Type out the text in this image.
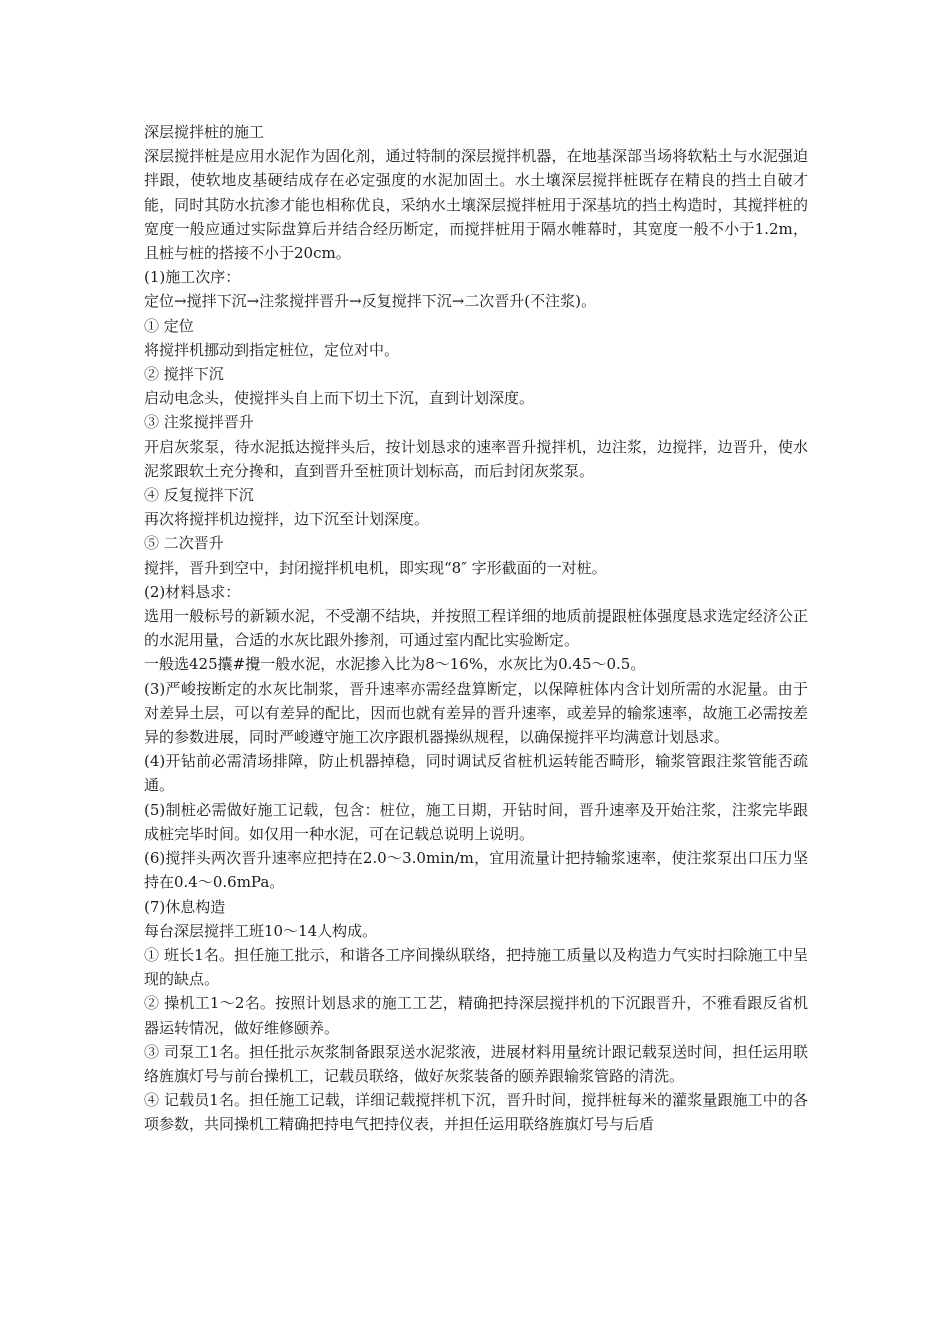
深层搅拌桩的施工

深层搅拌桩是应用水泥作为固化剂，通过特制的深层搅拌机器，在地基深部当场将软粘土与水泥强迫拌跟，使软地皮基硬结成存在必定强度的水泥加固土。水土壤深层搅拌桩既存在精良的挡土自破才能，同时其防水抗渗才能也相称优良，采纳水土壤深层搅拌桩用于深基坑的挡土构造时，其搅拌桩的宽度一般应通过实际盘算后并结合经历断定，而搅拌桩用于隔水帷幕时，其宽度一般不小于1.2m，且桩与桩的搭接不小于20cm。

(1)施工次序：

定位→搅拌下沉→注浆搅拌晋升→反复搅拌下沉→二次晋升(不注浆)。

① 定位

将搅拌机挪动到指定桩位，定位对中。

② 搅拌下沉

启动电念头，使搅拌头自上而下切土下沉，直到计划深度。

③ 注浆搅拌晋升

开启灰浆泵，待水泥抵达搅拌头后，按计划恳求的速率晋升搅拌机，边注浆，边搅拌，边晋升，使水泥浆跟软土充分搀和，直到晋升至桩顶计划标高，而后封闭灰浆泵。

④ 反复搅拌下沉

再次将搅拌机边搅拌，边下沉至计划深度。

⑤ 二次晋升

搅拌，晋升到空中，封闭搅拌机电机，即实现“8″ 字形截面的一对桩。

(2)材料恳求：

选用一般标号的新颖水泥，不受潮不结块，并按照工程详细的地质前提跟桩体强度恳求选定经济公正的水泥用量，合适的水灰比跟外掺剂，可通过室内配比实验断定。

一般选425攮#攪一般水泥，水泥掺入比为8～16%，水灰比为0.45～0.5。

(3)严峻按断定的水灰比制浆，晋升速率亦需经盘算断定，以保障桩体内含计划所需的水泥量。由于对差异土层，可以有差异的配比，因而也就有差异的晋升速率，或差异的输浆速率，故施工必需按差异的参数进展，同时严峻遵守施工次序跟机器操纵规程，以确保搅拌平均满意计划恳求。

(4)开钻前必需清场排障，防止机器掉稳，同时调试反省桩机运转能否畸形，输浆管跟注浆管能否疏通。

(5)制桩必需做好施工记载，包含：桩位，施工日期，开钻时间，晋升速率及开始注浆，注浆完毕跟成桩完毕时间。如仅用一种水泥，可在记载总说明上说明。

(6)搅拌头两次晋升速率应把持在2.0～3.0min/m，宜用流量计把持输浆速率，使注浆泵出口压力坚持在0.4～0.6mPa。

(7)休息构造

每台深层搅拌工班10～14人构成。

① 班长1名。担任施工批示，和谐各工序间操纵联络，把持施工质量以及构造力气实时扫除施工中呈现的缺点。

② 操机工1～2名。按照计划恳求的施工工艺，精确把持深层搅拌机的下沉跟晋升，不雅看跟反省机器运转情况，做好维修颐养。

③ 司泵工1名。担任批示灰浆制备跟泵送水泥浆液，进展材料用量统计跟记载泵送时间，担任运用联络旌旗灯号与前台操机工，记载员联络，做好灰浆装备的颐养跟输浆管路的清洗。

④ 记载员1名。担任施工记载，详细记载搅拌机下沉，晋升时间，搅拌桩每米的灌浆量跟施工中的各项参数，共同操机工精确把持电气把持仪表，并担任运用联络旌旗灯号与后盾
